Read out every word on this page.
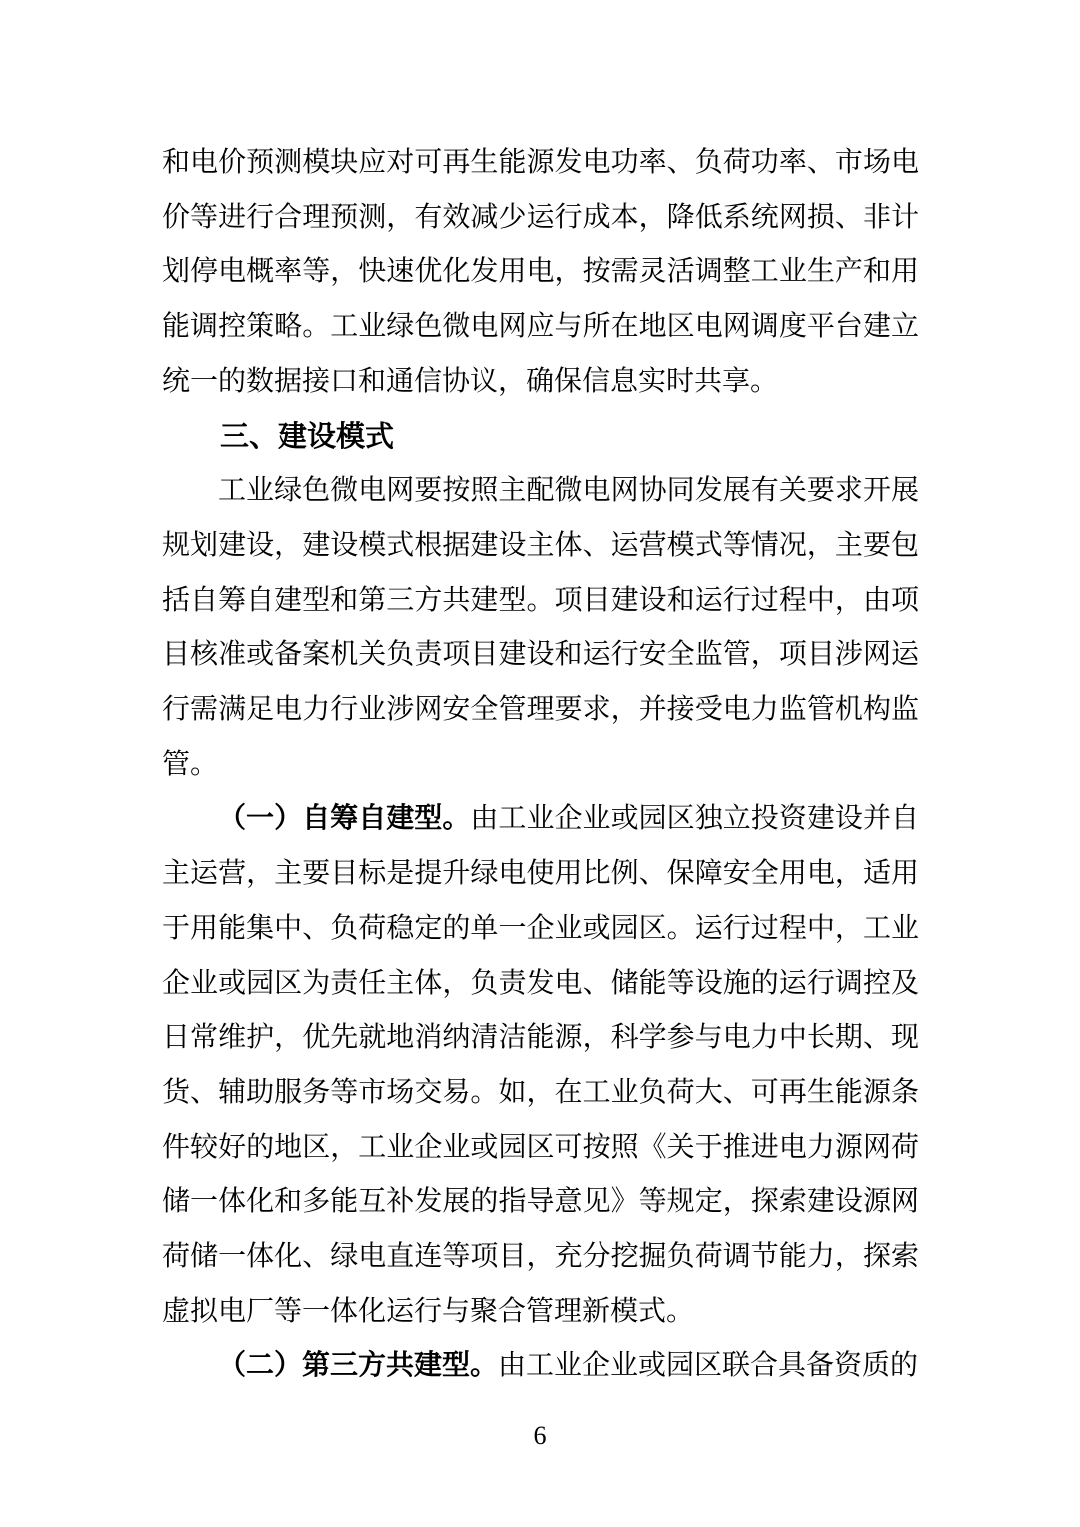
和电价预测模块应对可再生能源发电功率、负荷功率、市场电价等进行合理预测，有效减少运行成本，降低系统网损、非计划停电概率等，快速优化发用电，按需灵活调整工业生产和用能调控策略。工业绿色微电网应与所在地区电网调度平台建立统一的数据接口和通信协议，确保信息实时共享。

三、建设模式

工业绿色微电网要按照主配微电网协同发展有关要求开展规划建设，建设模式根据建设主体、运营模式等情况，主要包括自筹自建型和第三方共建型。项目建设和运行过程中，由项目核准或备案机关负责项目建设和运行安全监管，项目涉网运行需满足电力行业涉网安全管理要求，并接受电力监管机构监管。

（一）自筹自建型。由工业企业或园区独立投资建设并自主运营，主要目标是提升绿电使用比例、保障安全用电，适用于用能集中、负荷稳定的单一企业或园区。运行过程中，工业企业或园区为责任主体，负责发电、储能等设施的运行调控及日常维护，优先就地消纳清洁能源，科学参与电力中长期、现货、辅助服务等市场交易。如，在工业负荷大、可再生能源条件较好的地区，工业企业或园区可按照《关于推进电力源网荷储一体化和多能互补发展的指导意见》等规定，探索建设源网荷储一体化、绿电直连等项目，充分挖掘负荷调节能力，探索虚拟电厂等一体化运行与聚合管理新模式。

（二）第三方共建型。由工业企业或园区联合具备资质的

6
